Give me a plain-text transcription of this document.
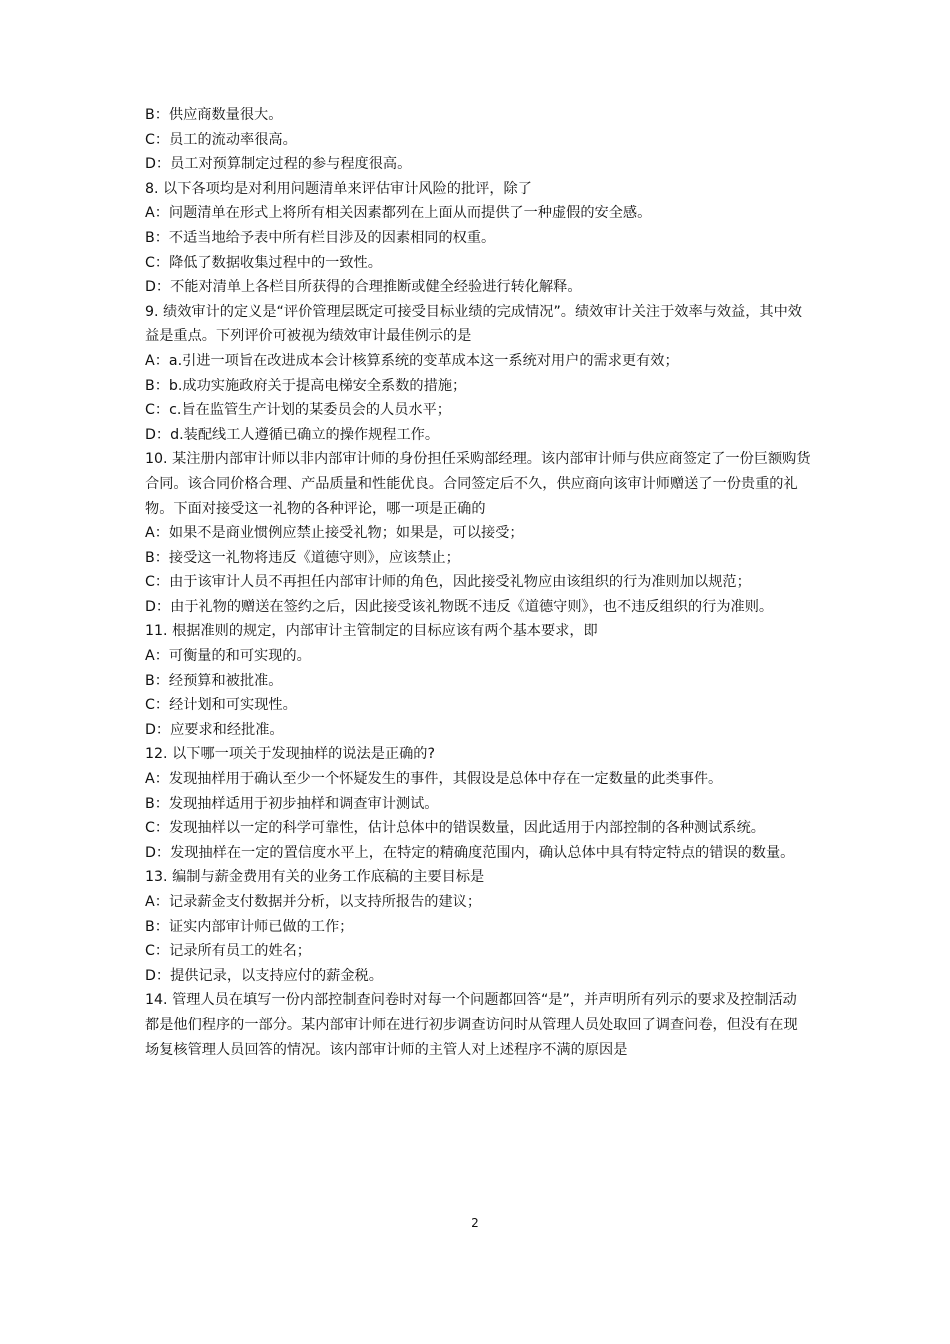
B：供应商数量很大。

C：员工的流动率很高。

D：员工对预算制定过程的参与程度很高。

8. 以下各项均是对利用问题清单来评估审计风险的批评，除了

A：问题清单在形式上将所有相关因素都列在上面从而提供了一种虚假的安全感。

B：不适当地给予表中所有栏目涉及的因素相同的权重。

C：降低了数据收集过程中的一致性。

D：不能对清单上各栏目所获得的合理推断或健全经验进行转化解释。

9. 绩效审计的定义是“评价管理层既定可接受目标业绩的完成情况”。绩效审计关注于效率与效益，其中效益是重点。下列评价可被视为绩效审计最佳例示的是

A：a.引进一项旨在改进成本会计核算系统的变革成本这一系统对用户的需求更有效；

B：b.成功实施政府关于提高电梯安全系数的措施；

C：c.旨在监管生产计划的某委员会的人员水平；

D：d.装配线工人遵循已确立的操作规程工作。

10. 某注册内部审计师以非内部审计师的身份担任采购部经理。该内部审计师与供应商签定了一份巨额购货合同。该合同价格合理、产品质量和性能优良。合同签定后不久，供应商向该审计师赠送了一份贵重的礼物。下面对接受这一礼物的各种评论，哪一项是正确的

A：如果不是商业惯例应禁止接受礼物；如果是，可以接受；

B：接受这一礼物将违反《道德守则》，应该禁止；

C：由于该审计人员不再担任内部审计师的角色，因此接受礼物应由该组织的行为准则加以规范；

D：由于礼物的赠送在签约之后，因此接受该礼物既不违反《道德守则》，也不违反组织的行为准则。

11. 根据准则的规定，内部审计主管制定的目标应该有两个基本要求，即

A：可衡量的和可实现的。

B：经预算和被批准。

C：经计划和可实现性。

D：应要求和经批准。

12. 以下哪一项关于发现抽样的说法是正确的?

A：发现抽样用于确认至少一个怀疑发生的事件，其假设是总体中存在一定数量的此类事件。

B：发现抽样适用于初步抽样和调查审计测试。

C：发现抽样以一定的科学可靠性，估计总体中的错误数量，因此适用于内部控制的各种测试系统。

D：发现抽样在一定的置信度水平上，在特定的精确度范围内，确认总体中具有特定特点的错误的数量。

13. 编制与薪金费用有关的业务工作底稿的主要目标是

A：记录薪金支付数据并分析，以支持所报告的建议；

B：证实内部审计师已做的工作；

C：记录所有员工的姓名；

D：提供记录，以支持应付的薪金税。

14. 管理人员在填写一份内部控制查问卷时对每一个问题都回答“是”，并声明所有列示的要求及控制活动都是他们程序的一部分。某内部审计师在进行初步调查访问时从管理人员处取回了调查问卷，但没有在现场复核管理人员回答的情况。该内部审计师的主管人对上述程序不满的原因是

2
